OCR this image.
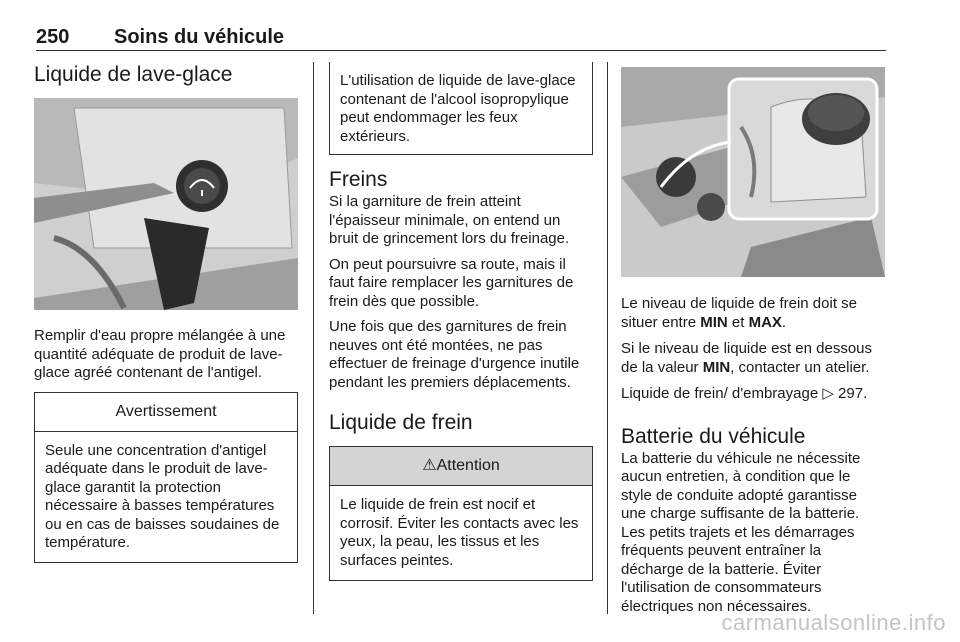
250 Soins du véhicule
Liquide de lave-glace

Remplir d'eau propre mélangée à une quantité adéquate de produit de lave-glace agréé contenant de l'antigel.

Avertissement
Seule une concentration d'antigel adéquate dans le produit de lave-glace garantit la protection nécessaire à basses températures ou en cas de baisses soudaines de température.
L'utilisation de liquide de lave-glace contenant de l'alcool isopropylique peut endommager les feux extérieurs.
Freins

Si la garniture de frein atteint l'épaisseur minimale, on entend un bruit de grincement lors du freinage.

On peut poursuivre sa route, mais il faut faire remplacer les garnitures de frein dès que possible.

Une fois que des garnitures de frein neuves ont été montées, ne pas effectuer de freinage d'urgence inutile pendant les premiers déplacements.

Liquide de frein
⚠Attention
Le liquide de frein est nocif et corrosif. Éviter les contacts avec les yeux, la peau, les tissus et les surfaces peintes.

Le niveau de liquide de frein doit se situer entre MIN et MAX.

Si le niveau de liquide est en dessous de la valeur MIN, contacter un atelier.

Liquide de frein/ d'embrayage ▷ 297.

Batterie du véhicule

La batterie du véhicule ne nécessite aucun entretien, à condition que le style de conduite adopté garantisse une charge suffisante de la batterie. Les petits trajets et les démarrages fréquents peuvent entraîner la décharge de la batterie. Éviter l'utilisation de consommateurs électriques non nécessaires.

carmanualsonline.info
